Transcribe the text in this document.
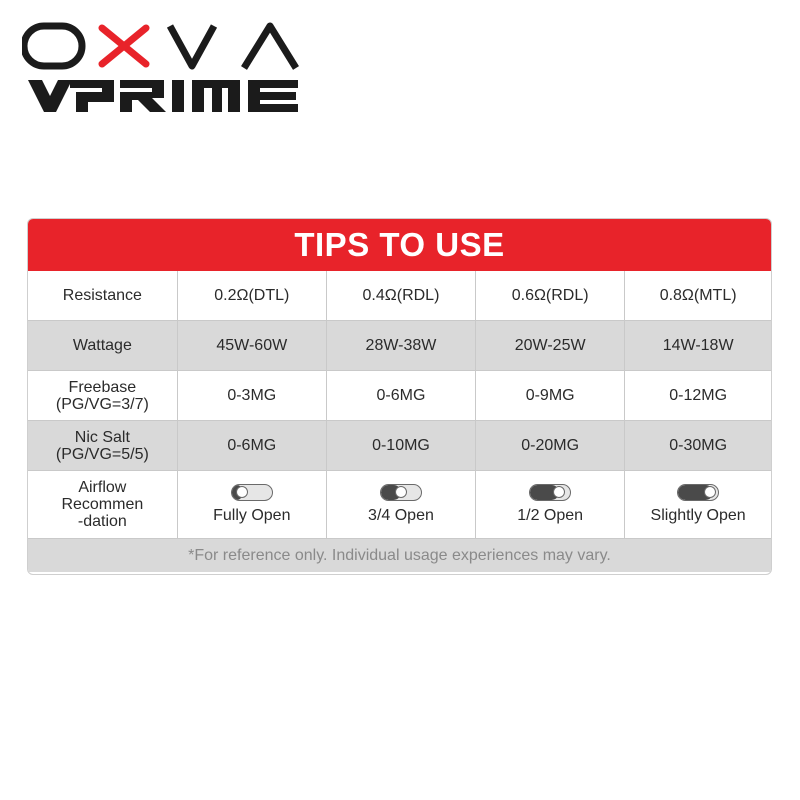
TIPS TO USE
Resistance	0.2Ω(DTL)	0.4Ω(RDL)	0.6Ω(RDL)	0.8Ω(MTL)
Wattage	45W-60W	28W-38W	20W-25W	14W-18W

Freebase
(PG/VG=3/7)	0-3MG	0-6MG	0-9MG	0-12MG

Nic Salt
(PG/VG=5/5)	0-6MG	0-10MG	0-20MG	0-30MG

Airflow
Recommen
-dation	Fully Open	3/4 Open	1/2 Open	Slightly Open
*For reference only. Individual usage experiences may vary.
